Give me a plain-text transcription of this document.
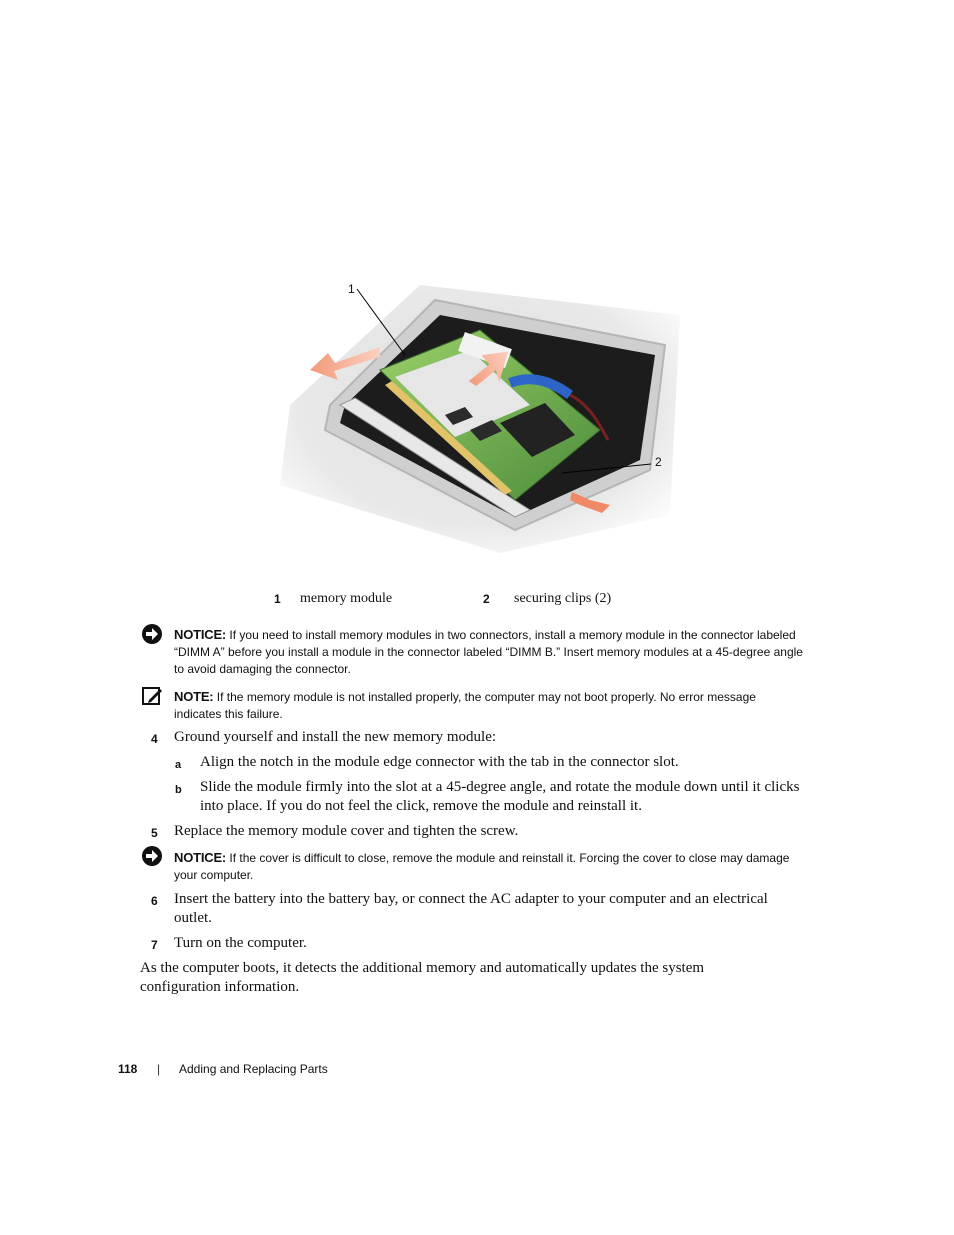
1
2
1 memory module	2 securing clips (2)
NOTICE: If you need to install memory modules in two connectors, install a memory module in the connector labeled “DIMM A” before you install a module in the connector labeled “DIMM B.” Insert memory modules at a 45-degree angle to avoid damaging the connector.
NOTE: If the memory module is not installed properly, the computer may not boot properly. No error message indicates this failure.
4 Ground yourself and install the new memory module:
a Align the notch in the module edge connector with the tab in the connector slot.
b Slide the module firmly into the slot at a 45-degree angle, and rotate the module down until it clicks into place. If you do not feel the click, remove the module and reinstall it.
5 Replace the memory module cover and tighten the screw.
NOTICE: If the cover is difficult to close, remove the module and reinstall it. Forcing the cover to close may damage your computer.
6 Insert the battery into the battery bay, or connect the AC adapter to your computer and an electrical outlet.
7 Turn on the computer.
As the computer boots, it detects the additional memory and automatically updates the system configuration information.
118 | Adding and Replacing Parts
